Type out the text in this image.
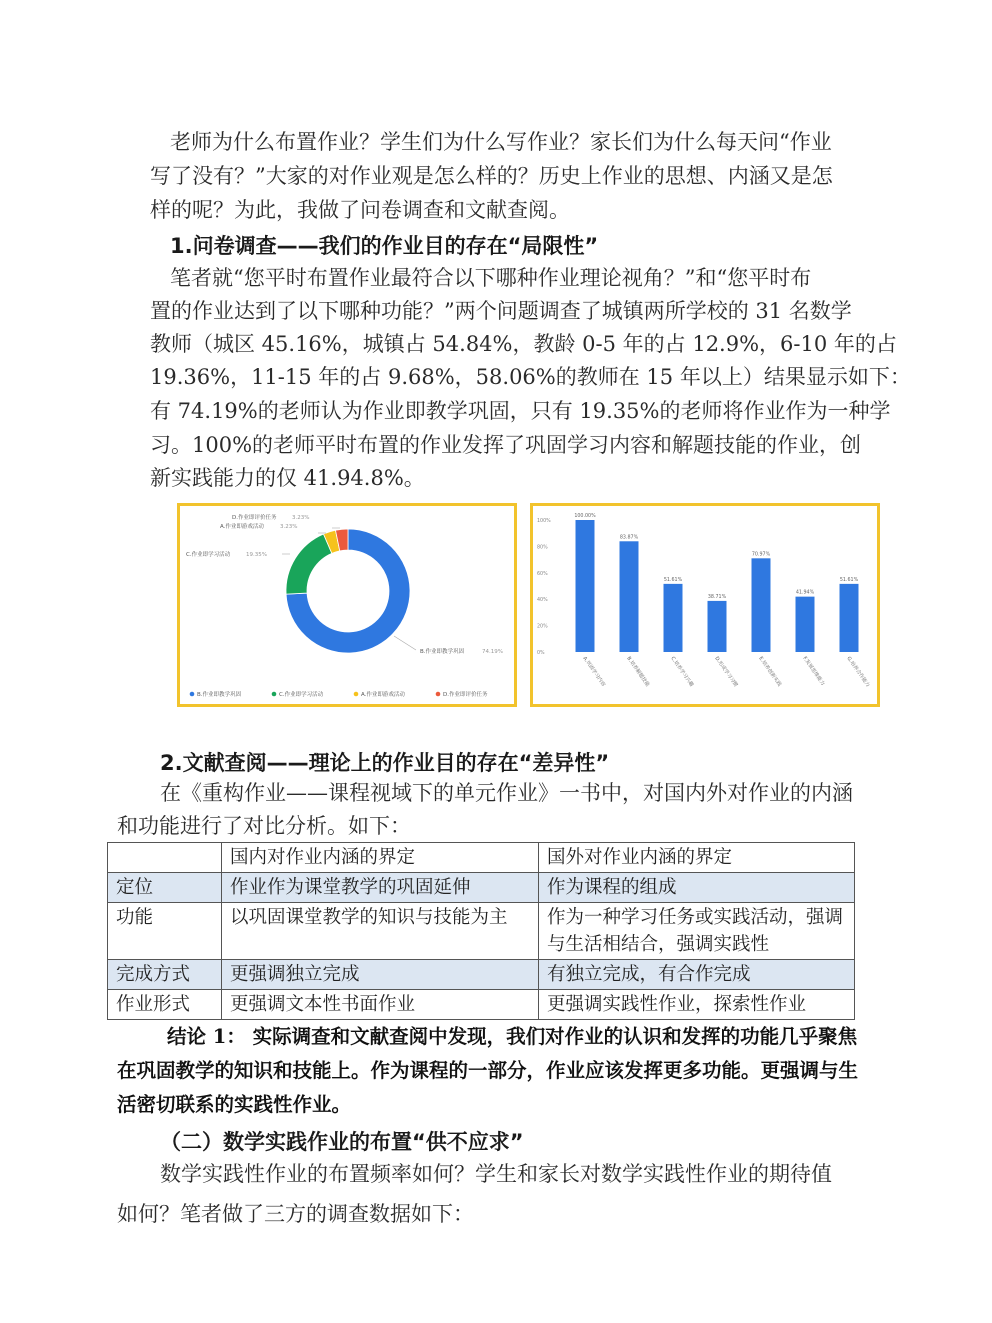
老师为什么布置作业？学生们为什么写作业？家长们为什么每天问“作业
写了没有？”大家的对作业观是怎么样的？历史上作业的思想、内涵又是怎
样的呢？为此，我做了问卷调查和文献查阅。
1.问卷调查——我们的作业目的存在“局限性”
笔者就“您平时布置作业最符合以下哪种作业理论视角？”和“您平时布
置的作业达到了以下哪种功能？”两个问题调查了城镇两所学校的 31 名数学
教师（城区 45.16%，城镇占 54.84%，教龄 0-5 年的占 12.9%，6-10 年的占
19.36%，11-15 年的占 9.68%，58.06%的教师在 15 年以上）结果显示如下：
有 74.19%的老师认为作业即教学巩固，只有 19.35%的老师将作业作为一种学
习。100%的老师平时布置的作业发挥了巩固学习内容和解题技能的作业，创
新实践能力的仅 41.94.8%。
B.作业即教学巩固	74.19%
C.作业即学习活动	19.35%
A.作业即游戏活动	3.23%
D.作业即评价任务	3.23%
B.作业即教学巩固	C.作业即学习活动	A.作业即游戏活动	D.作业即评价任务
0%
20%
40%
60%
80%
100%
100.00%
A.巩固学习内容
83.87%
B.培养解题技能
51.61%
C.培养学习兴趣
38.71%
D.形成学习习惯
70.97%
E.培养创新实践
41.94%
F.发展思维能力
51.61%
G.培养合作能力
2.文献查阅——理论上的作业目的存在“差异性”
在《重构作业——课程视域下的单元作业》一书中，对国内外对作业的内涵
和功能进行了对比分析。如下：
	国内对作业内涵的界定	国外对作业内涵的界定
定位	作业作为课堂教学的巩固延伸	作为课程的组成
功能	以巩固课堂教学的知识与技能为主	作为一种学习任务或实践活动，强调与生活相结合，强调实践性
完成方式	更强调独立完成	有独立完成，有合作完成
作业形式	更强调文本性书面作业	更强调实践性作业，探索性作业
结论 1： 实际调查和文献查阅中发现，我们对作业的认识和发挥的功能几乎聚焦在巩固教学的知识和技能上。作为课程的一部分，作业应该发挥更多功能。更强调与生活密切联系的实践性作业。
（二）数学实践作业的布置“供不应求”
数学实践性作业的布置频率如何？学生和家长对数学实践性作业的期待值
如何？笔者做了三方的调查数据如下：
